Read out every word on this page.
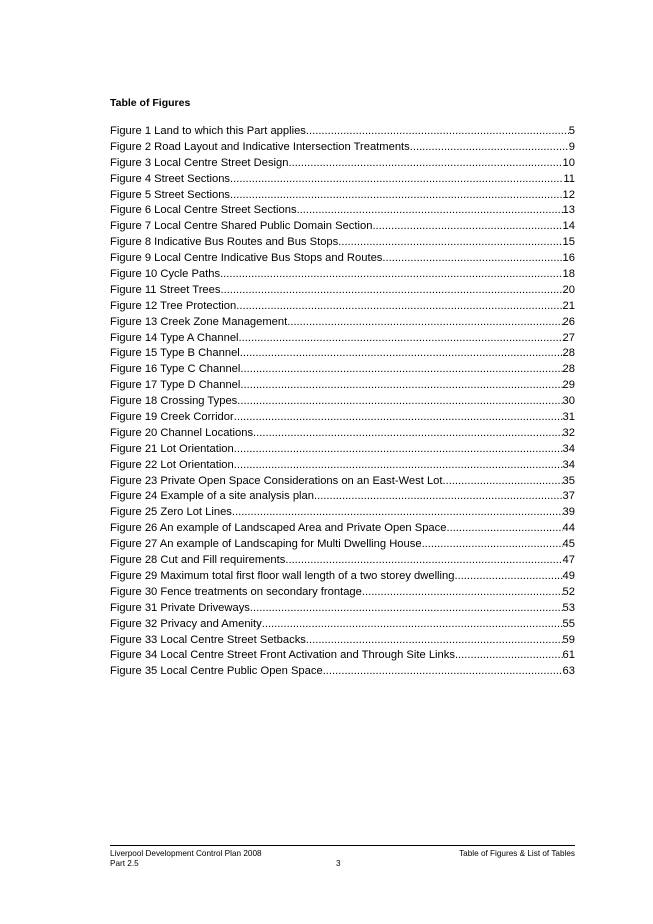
Table of Figures
Figure 1 Land to which this Part applies .....	5
Figure 2 Road Layout and Indicative Intersection Treatments .....	9
Figure 3 Local Centre Street Design .....	10
Figure 4 Street Sections .....	11
Figure 5 Street Sections .....	12
Figure 6 Local Centre Street Sections .....	13
Figure 7 Local Centre Shared Public Domain Section .....	14
Figure 8 Indicative Bus Routes and Bus Stops .....	15
Figure 9 Local Centre Indicative Bus Stops and Routes .....	16
Figure 10 Cycle Paths .....	18
Figure 11 Street Trees .....	20
Figure 12 Tree Protection .....	21
Figure 13 Creek Zone Management .....	26
Figure 14 Type A Channel .....	27
Figure 15 Type B Channel .....	28
Figure 16 Type C Channel .....	28
Figure 17 Type D Channel .....	29
Figure 18 Crossing Types .....	30
Figure 19 Creek Corridor .....	31
Figure 20 Channel Locations .....	32
Figure 21 Lot Orientation .....	34
Figure 22 Lot Orientation .....	34
Figure 23 Private Open Space Considerations on an East-West Lot .....	35
Figure 24 Example of a site analysis plan .....	37
Figure 25 Zero Lot Lines .....	39
Figure 26 An example of Landscaped Area and Private Open Space .....	44
Figure 27 An example of Landscaping for Multi Dwelling House .....	45
Figure 28 Cut and Fill requirements .....	47
Figure 29 Maximum total first floor wall length of a two storey dwelling .....	49
Figure 30 Fence treatments on secondary frontage .....	52
Figure 31 Private Driveways .....	53
Figure 32 Privacy and Amenity .....	55
Figure 33 Local Centre Street Setbacks .....	59
Figure 34 Local Centre Street Front Activation and Through Site Links .....	61
Figure 35 Local Centre Public Open Space .....	63
Liverpool Development Control Plan 2008
Part 2.5	3
Table of Figures & List of Tables
